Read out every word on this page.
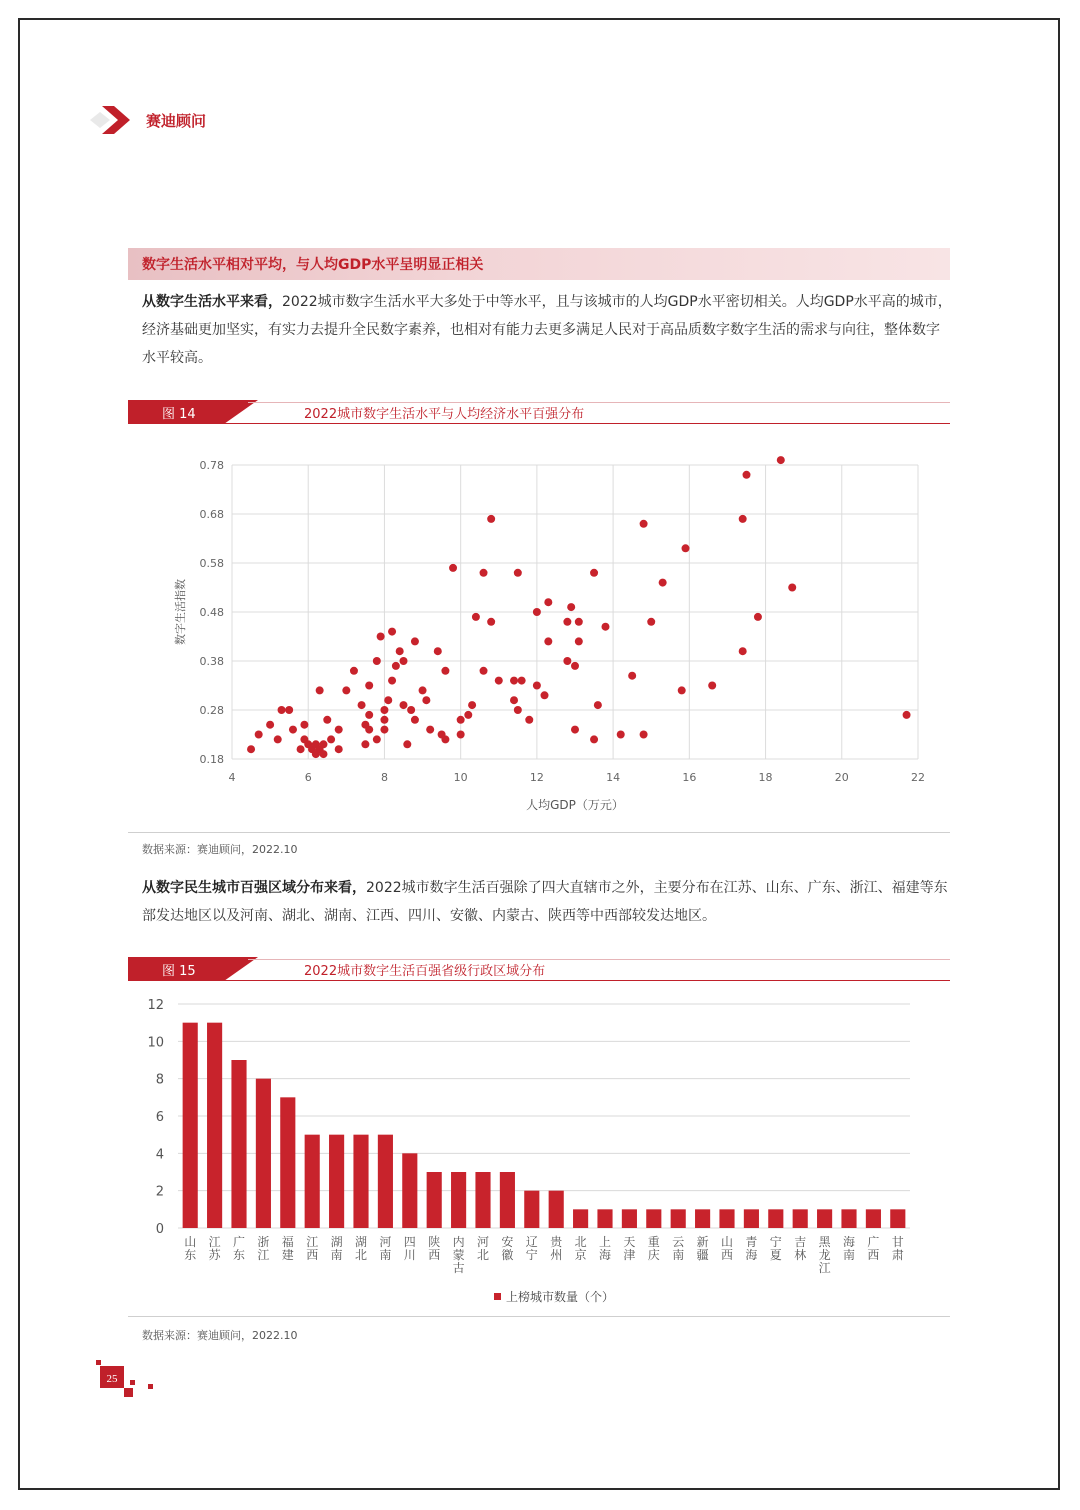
赛迪顾问
数字生活水平相对平均，与人均GDP水平呈明显正相关
从数字生活水平来看，2022城市数字生活水平大多处于中等水平，且与该城市的人均GDP水平密切相关。人均GDP水平高的城市，经济基础更加坚实，有实力去提升全民数字素养，也相对有能力去更多满足人民对于高品质数字数字生活的需求与向往，整体数字水平较高。
图 14	2022城市数字生活水平与人均经济水平百强分布
4	6	8	10	12	14	16	18	20	22
0.78
0.68
0.58
0.48
0.38
0.28
0.18
人均GDP（万元）
数字生活指数
数据来源：赛迪顾问，2022.10
从数字民生城市百强区域分布来看，2022城市数字生活百强除了四大直辖市之外，主要分布在江苏、山东、广东、浙江、福建等东部发达地区以及河南、湖北、湖南、江西、四川、安徽、内蒙古、陕西等中西部较发达地区。
图 15	2022城市数字生活百强省级行政区域分布
12
10
8
6
4
2
0
山东
江苏
广东
浙江
福建
江西
湖南
湖北
河南
四川
陕西
内蒙古
河北
安徽
辽宁
贵州
北京
上海
天津
重庆
云南
新疆
山西
青海
宁夏
吉林
黑龙江
海南
广西
甘肃
上榜城市数量（个）
数据来源：赛迪顾问，2022.10
25
